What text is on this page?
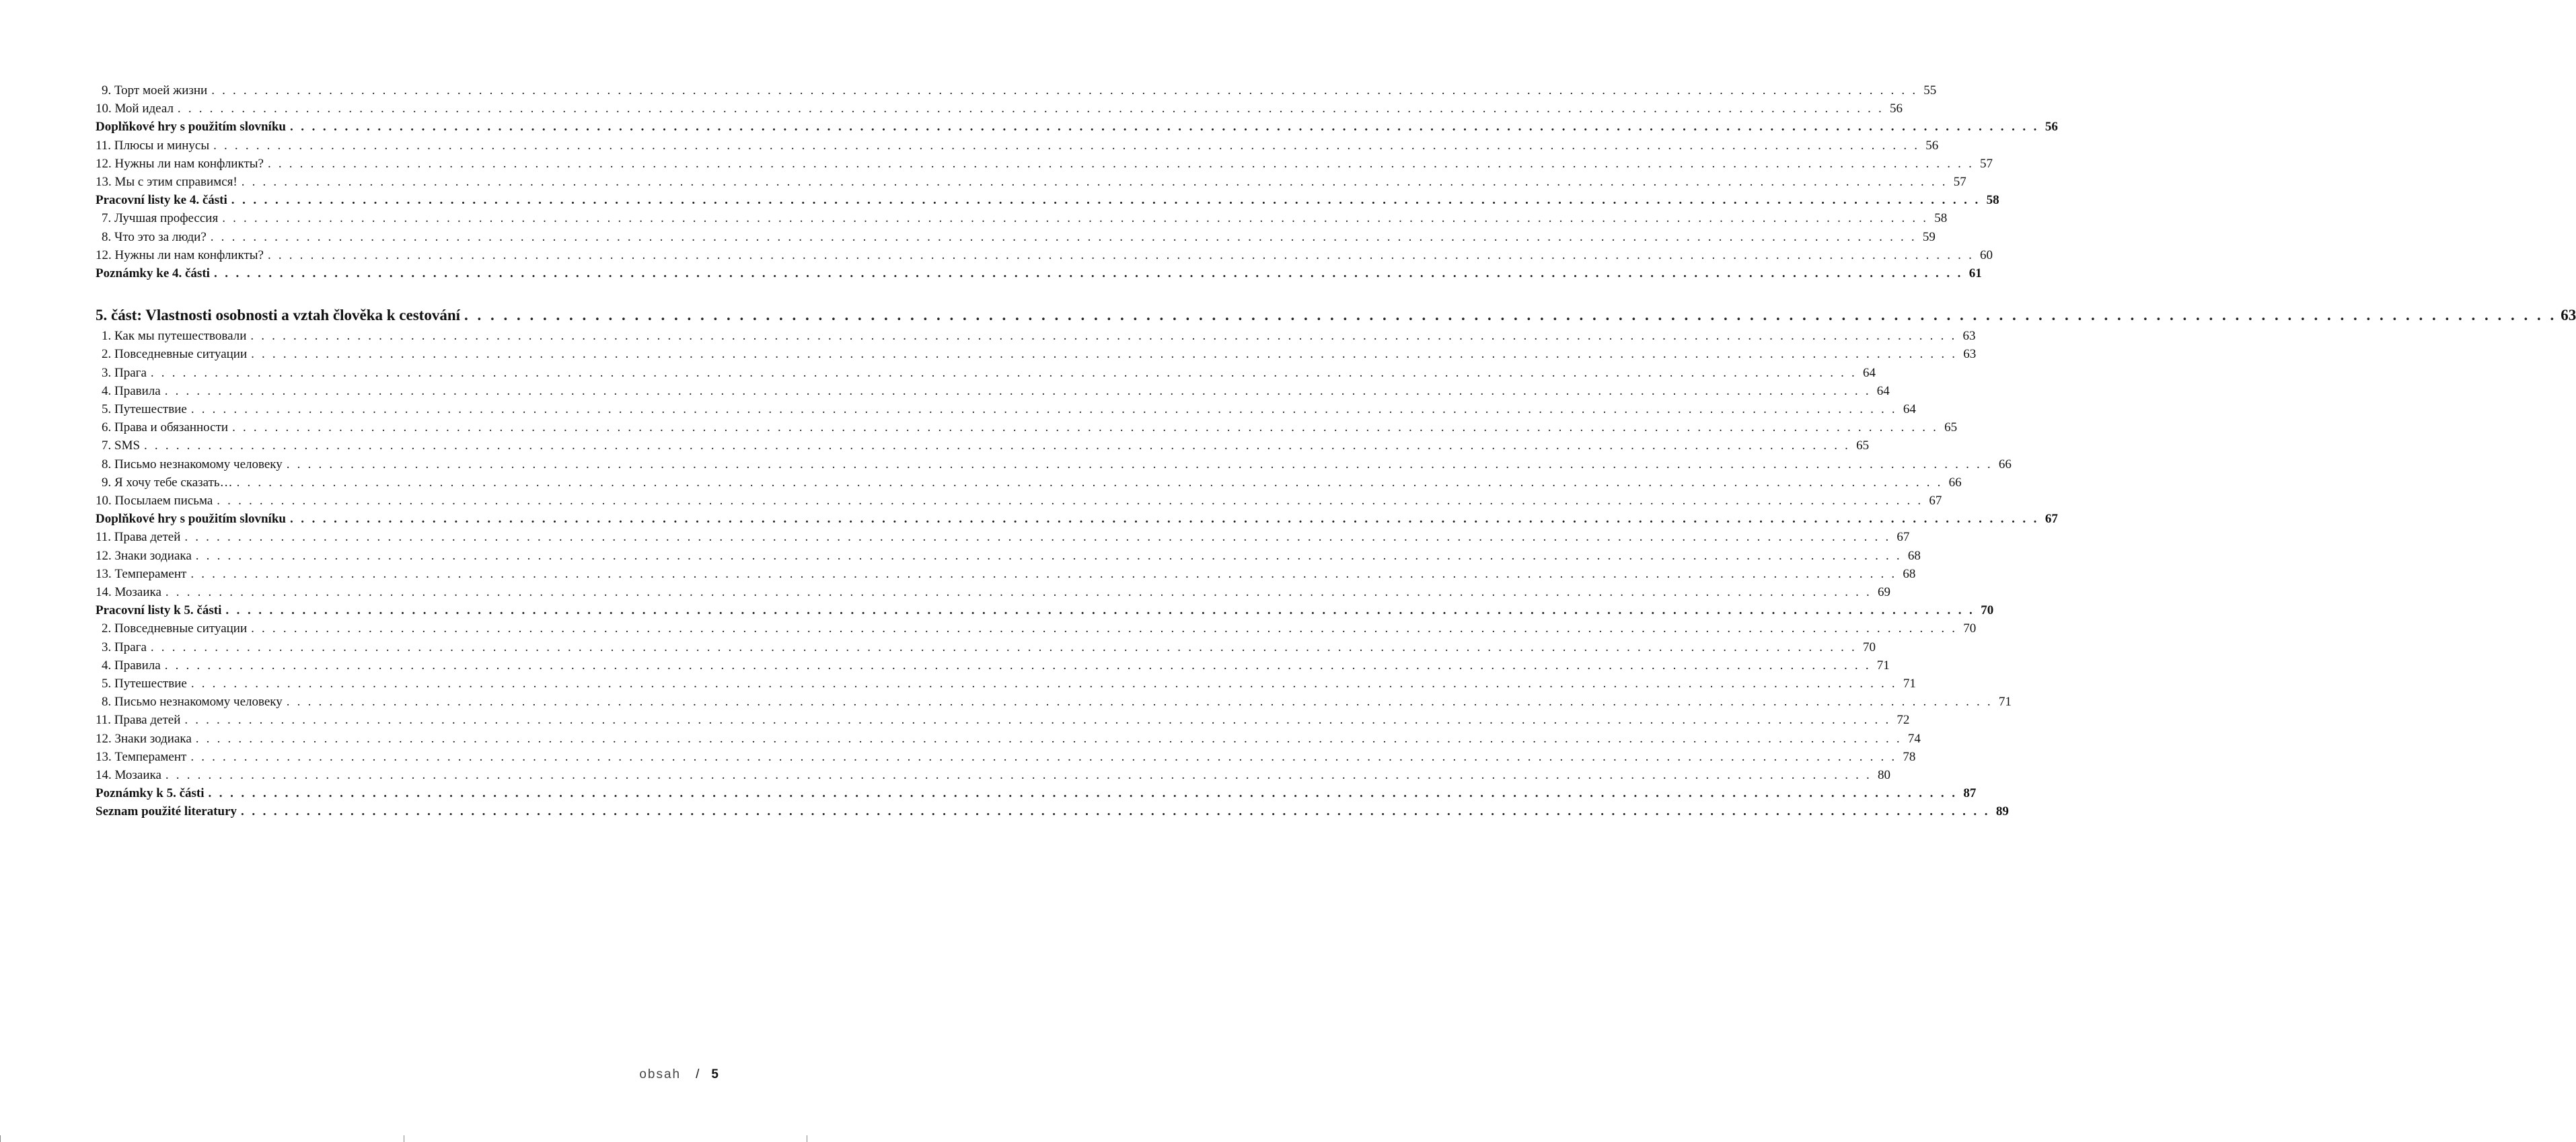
9. Торт моей жизни . . . . . . . . . . . . . . . . . . . . . . . . . . . . . . . . . . . . . . . . . . . . . . . . . . . . . . . . . . . . . . . . . . . . . . . . . . . . . . . . . . . . . . . . . . . . . . . . . . . . . . . . . . . . . . . . . . . . . . . . . . . . . . . . . . . . . . . . . . . . . . . . . . . . . . . . . . . . . . . . 55
10. Мой идеал . . . . . . . . . . . . . . . . . . . . . . . . . . . . . . . . . . . . . . . . . . . . . . . . . . . . . . . . . . . . . . . . . . . . . . . . . . . . . . . . . . . . . . . . . . . . . . . . . . . . . . . . . . . . . . . . . . . . . . . . . . . . . . . . . . . . . . . . . . . . . . . . . . . . . . . . . . . . . . . . 56
Doplňkové hry s použitím slovníku . . . . . . . . . . . . . . . . . . . . . . . . . . . . . . . . . . . . . . . . . . . . . . . . . . . . . . . . . . . . . . . . . . . . . . . . . . . . . . . . . . . . . . . . . . . . . . . . . . . . . . . . . . . . . . . . . . . . . . . . . . . . . . . . . . . . . . . . . . . . . . . . . . . . . . . . . . . . . . . . 56
11. Плюсы и минусы . . . . . . . . . . . . . . . . . . . . . . . . . . . . . . . . . . . . . . . . . . . . . . . . . . . . . . . . . . . . . . . . . . . . . . . . . . . . . . . . . . . . . . . . . . . . . . . . . . . . . . . . . . . . . . . . . . . . . . . . . . . . . . . . . . . . . . . . . . . . . . . . . . . . . . . . . . . . . . . . 56
12. Нужны ли нам конфликты? . . . . . . . . . . . . . . . . . . . . . . . . . . . . . . . . . . . . . . . . . . . . . . . . . . . . . . . . . . . . . . . . . . . . . . . . . . . . . . . . . . . . . . . . . . . . . . . . . . . . . . . . . . . . . . . . . . . . . . . . . . . . . . . . . . . . . . . . . . . . . . . . . . . . . . . . . . . . . . . . 57
13. Мы с этим справимся! . . . . . . . . . . . . . . . . . . . . . . . . . . . . . . . . . . . . . . . . . . . . . . . . . . . . . . . . . . . . . . . . . . . . . . . . . . . . . . . . . . . . . . . . . . . . . . . . . . . . . . . . . . . . . . . . . . . . . . . . . . . . . . . . . . . . . . . . . . . . . . . . . . . . . . . . . . . . . . . . 57
Pracovní listy ke 4. části . . . . . . . . . . . . . . . . . . . . . . . . . . . . . . . . . . . . . . . . . . . . . . . . . . . . . . . . . . . . . . . . . . . . . . . . . . . . . . . . . . . . . . . . . . . . . . . . . . . . . . . . . . . . . . . . . . . . . . . . . . . . . . . . . . . . . . . . . . . . . . . . . . . . . . . . . . . . . . . . 58
7. Лучшая профессия . . . . . . . . . . . . . . . . . . . . . . . . . . . . . . . . . . . . . . . . . . . . . . . . . . . . . . . . . . . . . . . . . . . . . . . . . . . . . . . . . . . . . . . . . . . . . . . . . . . . . . . . . . . . . . . . . . . . . . . . . . . . . . . . . . . . . . . . . . . . . . . . . . . . . . . . . . . . . . . . 58
8. Что это за люди? . . . . . . . . . . . . . . . . . . . . . . . . . . . . . . . . . . . . . . . . . . . . . . . . . . . . . . . . . . . . . . . . . . . . . . . . . . . . . . . . . . . . . . . . . . . . . . . . . . . . . . . . . . . . . . . . . . . . . . . . . . . . . . . . . . . . . . . . . . . . . . . . . . . . . . . . . . . . . . . . 59
12. Нужны ли нам конфликты? . . . . . . . . . . . . . . . . . . . . . . . . . . . . . . . . . . . . . . . . . . . . . . . . . . . . . . . . . . . . . . . . . . . . . . . . . . . . . . . . . . . . . . . . . . . . . . . . . . . . . . . . . . . . . . . . . . . . . . . . . . . . . . . . . . . . . . . . . . . . . . . . . . . . . . . . . . . . . . . . 60
Poznámky ke 4. části . . . . . . . . . . . . . . . . . . . . . . . . . . . . . . . . . . . . . . . . . . . . . . . . . . . . . . . . . . . . . . . . . . . . . . . . . . . . . . . . . . . . . . . . . . . . . . . . . . . . . . . . . . . . . . . . . . . . . . . . . . . . . . . . . . . . . . . . . . . . . . . . . . . . . . . . . . . . . . . . 61
5. část: Vlastnosti osobnosti a vztah člověka k cestování . . . . . . . . . . . . . . . . . . . . . . . . . . . . . . . . . . . . . . . . . . . . . . . . . . . . . . . . . . . . . . . . . . . . . . . . . . . . . . . . . . . . . . . . . . . . . . . . . . . . . . . . . . . . . . . . . . . . . . . . . . . . . . . . . . . . . . . . . . . . . . . . . . . . . . . . . . . . . . . . 63
1. Как мы путешествовали . . . . . . . . . . . . . . . . . . . . . . . . . . . . . . . . . . . . . . . . . . . . . . . . . . . . . . . . . . . . . . . . . . . . . . . . . . . . . . . . . . . . . . . . . . . . . . . . . . . . . . . . . . . . . . . . . . . . . . . . . . . . . . . . . . . . . . . . . . . . . . . . . . . . . . . . . . . . . . . . 63
2. Повседневные ситуации . . . . . . . . . . . . . . . . . . . . . . . . . . . . . . . . . . . . . . . . . . . . . . . . . . . . . . . . . . . . . . . . . . . . . . . . . . . . . . . . . . . . . . . . . . . . . . . . . . . . . . . . . . . . . . . . . . . . . . . . . . . . . . . . . . . . . . . . . . . . . . . . . . . . . . . . . . . . . . . . 63
3. Прага . . . . . . . . . . . . . . . . . . . . . . . . . . . . . . . . . . . . . . . . . . . . . . . . . . . . . . . . . . . . . . . . . . . . . . . . . . . . . . . . . . . . . . . . . . . . . . . . . . . . . . . . . . . . . . . . . . . . . . . . . . . . . . . . . . . . . . . . . . . . . . . . . . . . . . . . . . . . . . . . 64
4. Правила . . . . . . . . . . . . . . . . . . . . . . . . . . . . . . . . . . . . . . . . . . . . . . . . . . . . . . . . . . . . . . . . . . . . . . . . . . . . . . . . . . . . . . . . . . . . . . . . . . . . . . . . . . . . . . . . . . . . . . . . . . . . . . . . . . . . . . . . . . . . . . . . . . . . . . . . . . . . . . . . 64
5. Путешествие . . . . . . . . . . . . . . . . . . . . . . . . . . . . . . . . . . . . . . . . . . . . . . . . . . . . . . . . . . . . . . . . . . . . . . . . . . . . . . . . . . . . . . . . . . . . . . . . . . . . . . . . . . . . . . . . . . . . . . . . . . . . . . . . . . . . . . . . . . . . . . . . . . . . . . . . . . . . . . . . 64
6. Права и обязанности . . . . . . . . . . . . . . . . . . . . . . . . . . . . . . . . . . . . . . . . . . . . . . . . . . . . . . . . . . . . . . . . . . . . . . . . . . . . . . . . . . . . . . . . . . . . . . . . . . . . . . . . . . . . . . . . . . . . . . . . . . . . . . . . . . . . . . . . . . . . . . . . . . . . . . . . . . . . . . . . 65
7. SMS . . . . . . . . . . . . . . . . . . . . . . . . . . . . . . . . . . . . . . . . . . . . . . . . . . . . . . . . . . . . . . . . . . . . . . . . . . . . . . . . . . . . . . . . . . . . . . . . . . . . . . . . . . . . . . . . . . . . . . . . . . . . . . . . . . . . . . . . . . . . . . . . . . . . . . . . . . . . . . . . 65
8. Письмо незнакомому человеку . . . . . . . . . . . . . . . . . . . . . . . . . . . . . . . . . . . . . . . . . . . . . . . . . . . . . . . . . . . . . . . . . . . . . . . . . . . . . . . . . . . . . . . . . . . . . . . . . . . . . . . . . . . . . . . . . . . . . . . . . . . . . . . . . . . . . . . . . . . . . . . . . . . . . . . . . . . . . . . . 66
9. Я хочу тебе сказать… . . . . . . . . . . . . . . . . . . . . . . . . . . . . . . . . . . . . . . . . . . . . . . . . . . . . . . . . . . . . . . . . . . . . . . . . . . . . . . . . . . . . . . . . . . . . . . . . . . . . . . . . . . . . . . . . . . . . . . . . . . . . . . . . . . . . . . . . . . . . . . . . . . . . . . . . . . . . . . . . 66
10. Посылаем письма . . . . . . . . . . . . . . . . . . . . . . . . . . . . . . . . . . . . . . . . . . . . . . . . . . . . . . . . . . . . . . . . . . . . . . . . . . . . . . . . . . . . . . . . . . . . . . . . . . . . . . . . . . . . . . . . . . . . . . . . . . . . . . . . . . . . . . . . . . . . . . . . . . . . . . . . . . . . . . . . 67
Doplňkové hry s použitím slovníku . . . . . . . . . . . . . . . . . . . . . . . . . . . . . . . . . . . . . . . . . . . . . . . . . . . . . . . . . . . . . . . . . . . . . . . . . . . . . . . . . . . . . . . . . . . . . . . . . . . . . . . . . . . . . . . . . . . . . . . . . . . . . . . . . . . . . . . . . . . . . . . . . . . . . . . . . . . . . . . . 67
11. Права детей . . . . . . . . . . . . . . . . . . . . . . . . . . . . . . . . . . . . . . . . . . . . . . . . . . . . . . . . . . . . . . . . . . . . . . . . . . . . . . . . . . . . . . . . . . . . . . . . . . . . . . . . . . . . . . . . . . . . . . . . . . . . . . . . . . . . . . . . . . . . . . . . . . . . . . . . . . . . . . . . 67
12. Знаки зодиака . . . . . . . . . . . . . . . . . . . . . . . . . . . . . . . . . . . . . . . . . . . . . . . . . . . . . . . . . . . . . . . . . . . . . . . . . . . . . . . . . . . . . . . . . . . . . . . . . . . . . . . . . . . . . . . . . . . . . . . . . . . . . . . . . . . . . . . . . . . . . . . . . . . . . . . . . . . . . . . . 68
13. Темперамент . . . . . . . . . . . . . . . . . . . . . . . . . . . . . . . . . . . . . . . . . . . . . . . . . . . . . . . . . . . . . . . . . . . . . . . . . . . . . . . . . . . . . . . . . . . . . . . . . . . . . . . . . . . . . . . . . . . . . . . . . . . . . . . . . . . . . . . . . . . . . . . . . . . . . . . . . . . . . . . . 68
14. Мозаика . . . . . . . . . . . . . . . . . . . . . . . . . . . . . . . . . . . . . . . . . . . . . . . . . . . . . . . . . . . . . . . . . . . . . . . . . . . . . . . . . . . . . . . . . . . . . . . . . . . . . . . . . . . . . . . . . . . . . . . . . . . . . . . . . . . . . . . . . . . . . . . . . . . . . . . . . . . . . . . . 69
Pracovní listy k 5. části . . . . . . . . . . . . . . . . . . . . . . . . . . . . . . . . . . . . . . . . . . . . . . . . . . . . . . . . . . . . . . . . . . . . . . . . . . . . . . . . . . . . . . . . . . . . . . . . . . . . . . . . . . . . . . . . . . . . . . . . . . . . . . . . . . . . . . . . . . . . . . . . . . . . . . . . . . . . . . . . 70
2. Повседневные ситуации . . . . . . . . . . . . . . . . . . . . . . . . . . . . . . . . . . . . . . . . . . . . . . . . . . . . . . . . . . . . . . . . . . . . . . . . . . . . . . . . . . . . . . . . . . . . . . . . . . . . . . . . . . . . . . . . . . . . . . . . . . . . . . . . . . . . . . . . . . . . . . . . . . . . . . . . . . . . . . . . 70
3. Прага . . . . . . . . . . . . . . . . . . . . . . . . . . . . . . . . . . . . . . . . . . . . . . . . . . . . . . . . . . . . . . . . . . . . . . . . . . . . . . . . . . . . . . . . . . . . . . . . . . . . . . . . . . . . . . . . . . . . . . . . . . . . . . . . . . . . . . . . . . . . . . . . . . . . . . . . . . . . . . . . 70
4. Правила . . . . . . . . . . . . . . . . . . . . . . . . . . . . . . . . . . . . . . . . . . . . . . . . . . . . . . . . . . . . . . . . . . . . . . . . . . . . . . . . . . . . . . . . . . . . . . . . . . . . . . . . . . . . . . . . . . . . . . . . . . . . . . . . . . . . . . . . . . . . . . . . . . . . . . . . . . . . . . . . 71
5. Путешествие . . . . . . . . . . . . . . . . . . . . . . . . . . . . . . . . . . . . . . . . . . . . . . . . . . . . . . . . . . . . . . . . . . . . . . . . . . . . . . . . . . . . . . . . . . . . . . . . . . . . . . . . . . . . . . . . . . . . . . . . . . . . . . . . . . . . . . . . . . . . . . . . . . . . . . . . . . . . . . . . 71
8. Письмо незнакомому человеку . . . . . . . . . . . . . . . . . . . . . . . . . . . . . . . . . . . . . . . . . . . . . . . . . . . . . . . . . . . . . . . . . . . . . . . . . . . . . . . . . . . . . . . . . . . . . . . . . . . . . . . . . . . . . . . . . . . . . . . . . . . . . . . . . . . . . . . . . . . . . . . . . . . . . . . . . . . . . . . . 71
11. Права детей . . . . . . . . . . . . . . . . . . . . . . . . . . . . . . . . . . . . . . . . . . . . . . . . . . . . . . . . . . . . . . . . . . . . . . . . . . . . . . . . . . . . . . . . . . . . . . . . . . . . . . . . . . . . . . . . . . . . . . . . . . . . . . . . . . . . . . . . . . . . . . . . . . . . . . . . . . . . . . . . 72
12. Знаки зодиака . . . . . . . . . . . . . . . . . . . . . . . . . . . . . . . . . . . . . . . . . . . . . . . . . . . . . . . . . . . . . . . . . . . . . . . . . . . . . . . . . . . . . . . . . . . . . . . . . . . . . . . . . . . . . . . . . . . . . . . . . . . . . . . . . . . . . . . . . . . . . . . . . . . . . . . . . . . . . . . . 74
13. Темперамент . . . . . . . . . . . . . . . . . . . . . . . . . . . . . . . . . . . . . . . . . . . . . . . . . . . . . . . . . . . . . . . . . . . . . . . . . . . . . . . . . . . . . . . . . . . . . . . . . . . . . . . . . . . . . . . . . . . . . . . . . . . . . . . . . . . . . . . . . . . . . . . . . . . . . . . . . . . . . . . . 78
14. Мозаика . . . . . . . . . . . . . . . . . . . . . . . . . . . . . . . . . . . . . . . . . . . . . . . . . . . . . . . . . . . . . . . . . . . . . . . . . . . . . . . . . . . . . . . . . . . . . . . . . . . . . . . . . . . . . . . . . . . . . . . . . . . . . . . . . . . . . . . . . . . . . . . . . . . . . . . . . . . . . . . . 80
Poznámky k 5. části . . . . . . . . . . . . . . . . . . . . . . . . . . . . . . . . . . . . . . . . . . . . . . . . . . . . . . . . . . . . . . . . . . . . . . . . . . . . . . . . . . . . . . . . . . . . . . . . . . . . . . . . . . . . . . . . . . . . . . . . . . . . . . . . . . . . . . . . . . . . . . . . . . . . . . . . . . . . . . . . 87
Seznam použité literatury . . . . . . . . . . . . . . . . . . . . . . . . . . . . . . . . . . . . . . . . . . . . . . . . . . . . . . . . . . . . . . . . . . . . . . . . . . . . . . . . . . . . . . . . . . . . . . . . . . . . . . . . . . . . . . . . . . . . . . . . . . . . . . . . . . . . . . . . . . . . . . . . . . . . . . . . . . . . . . . . 89
obsah / 5
